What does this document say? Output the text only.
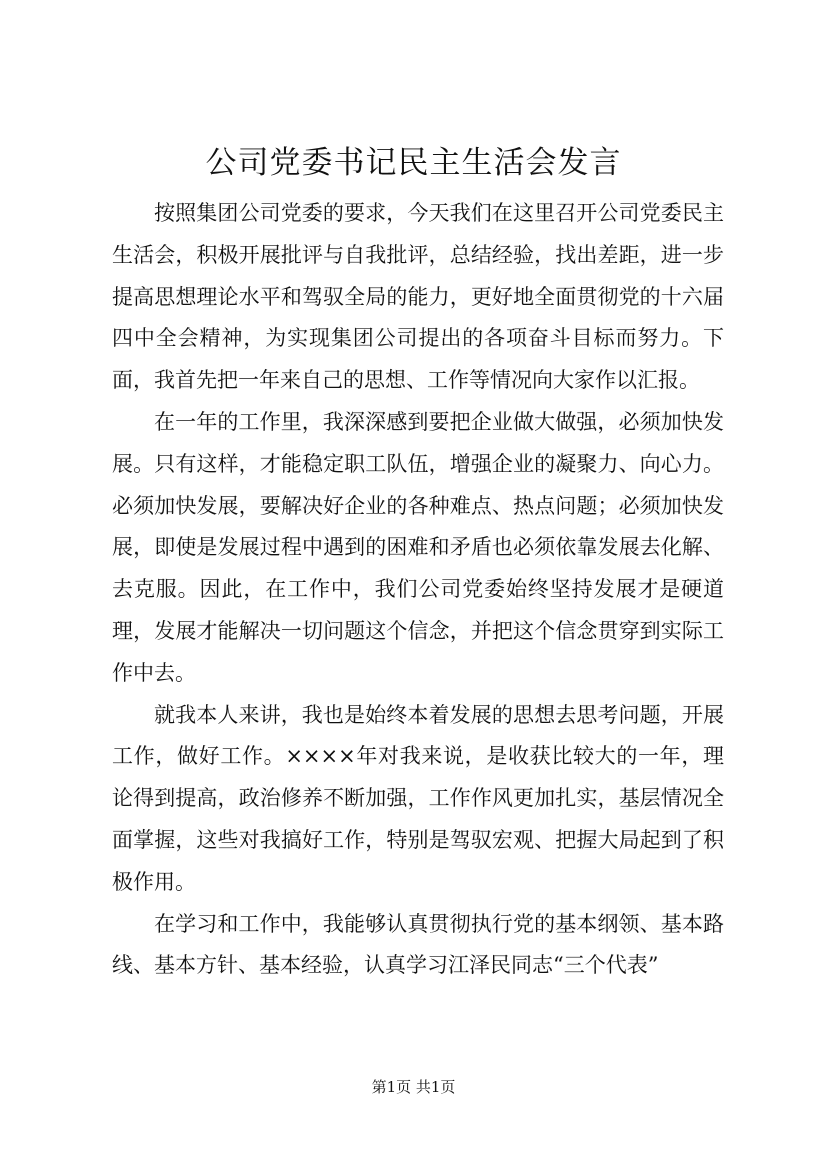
公司党委书记民主生活会发言

按照集团公司党委的要求，今天我们在这里召开公司党委民主生活会，积极开展批评与自我批评，总结经验，找出差距，进一步提高思想理论水平和驾驭全局的能力，更好地全面贯彻党的十六届四中全会精神，为实现集团公司提出的各项奋斗目标而努力。下面，我首先把一年来自己的思想、工作等情况向大家作以汇报。

在一年的工作里，我深深感到要把企业做大做强，必须加快发展。只有这样，才能稳定职工队伍，增强企业的凝聚力、向心力。必须加快发展，要解决好企业的各种难点、热点问题；必须加快发展，即使是发展过程中遇到的困难和矛盾也必须依靠发展去化解、去克服。因此，在工作中，我们公司党委始终坚持发展才是硬道理，发展才能解决一切问题这个信念，并把这个信念贯穿到实际工作中去。

就我本人来讲，我也是始终本着发展的思想去思考问题，开展工作，做好工作。××××年对我来说，是收获比较大的一年，理论得到提高，政治修养不断加强，工作作风更加扎实，基层情况全面掌握，这些对我搞好工作，特别是驾驭宏观、把握大局起到了积极作用。

在学习和工作中，我能够认真贯彻执行党的基本纲领、基本路线、基本方针、基本经验，认真学习江泽民同志“三个代表”

第1页 共1页
